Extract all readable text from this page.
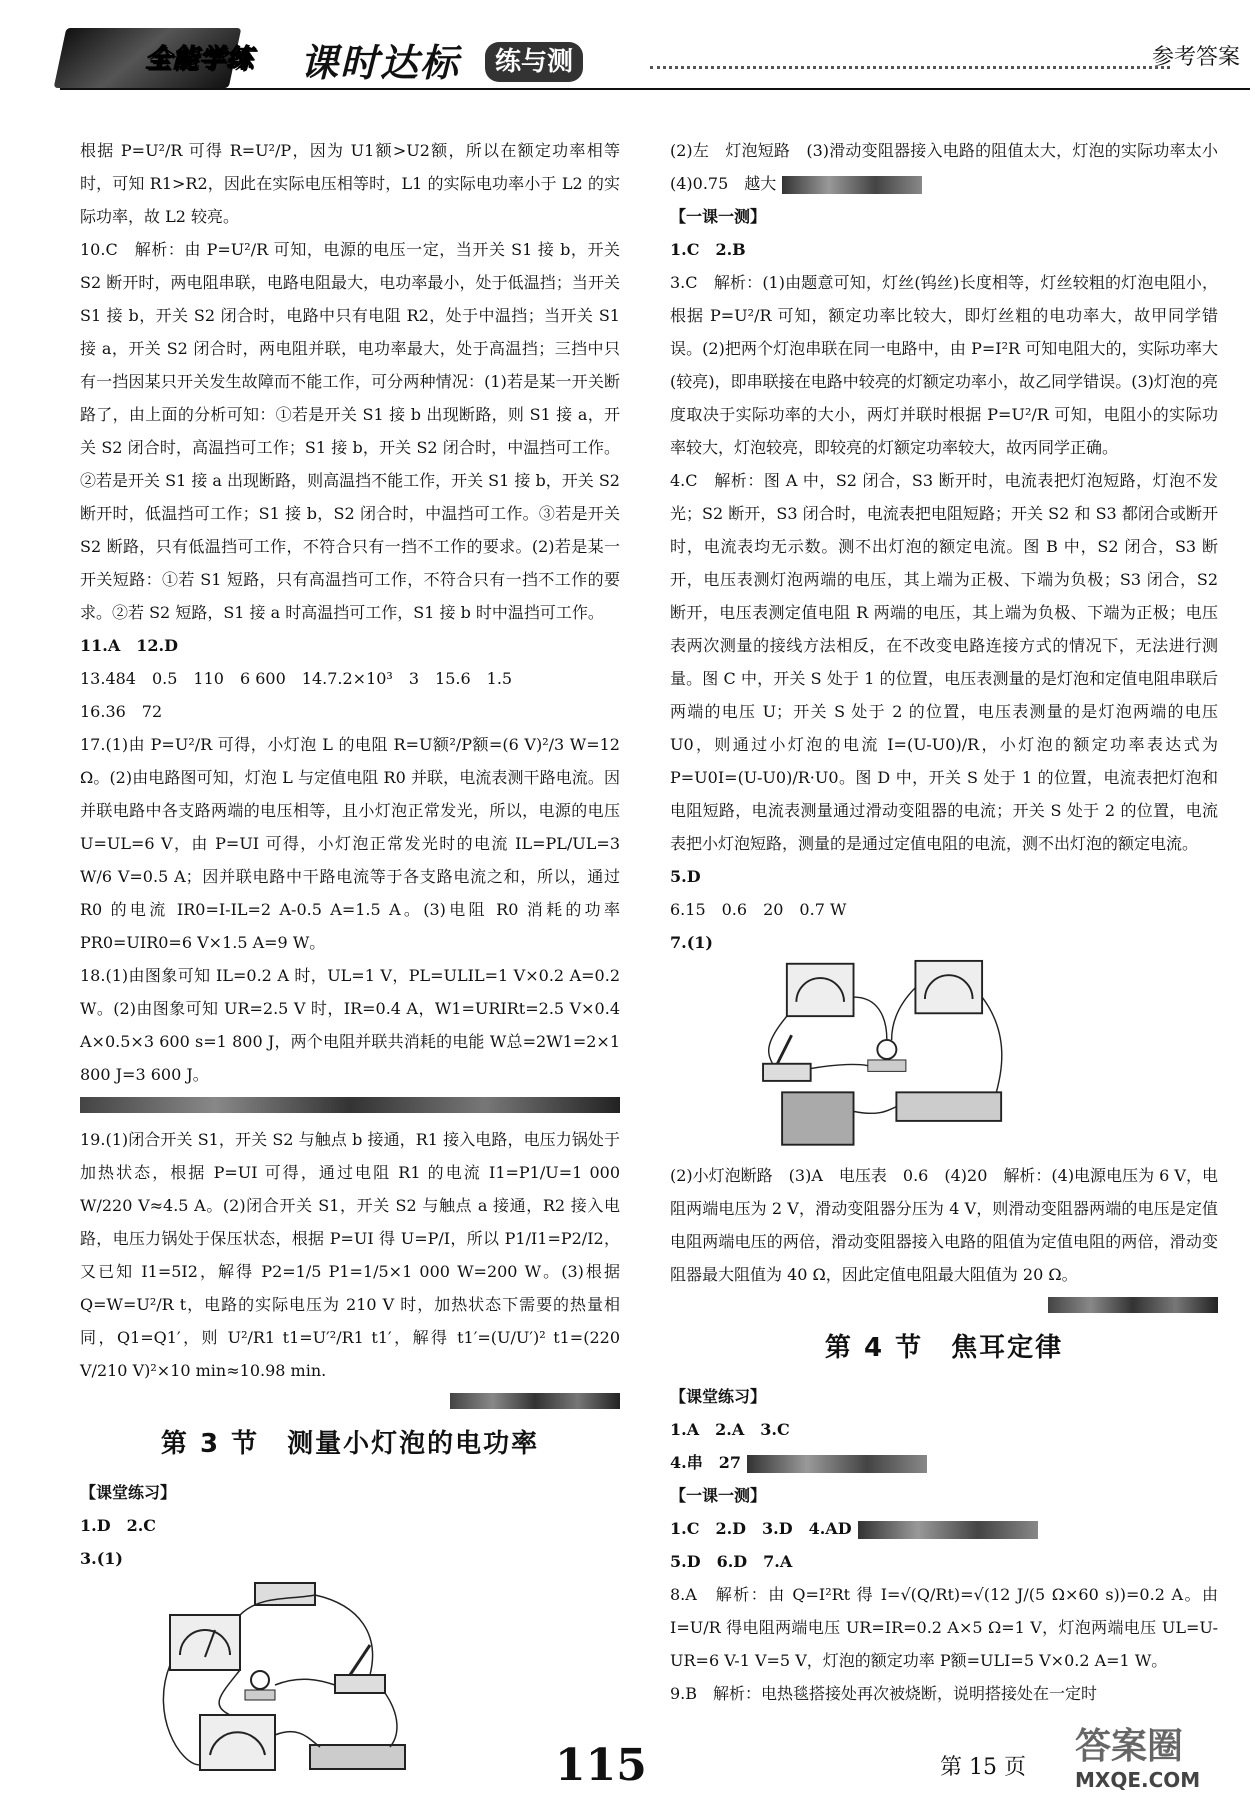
全能学练 课时达标	练与测	参考答案

根据 P=U²/R 可得 R=U²/P，因为 U1额>U2额，所以在额定功率相等时，可知 R1>R2，因此在实际电压相等时，L1 的实际电功率小于 L2 的实际功率，故 L2 较亮。

10.C　解析：由 P=U²/R 可知，电源的电压一定，当开关 S1 接 b，开关 S2 断开时，两电阻串联，电路电阻最大，电功率最小，处于低温挡；当开关 S1 接 b，开关 S2 闭合时，电路中只有电阻 R2，处于中温挡；当开关 S1 接 a，开关 S2 闭合时，两电阻并联，电功率最大，处于高温挡；三挡中只有一挡因某只开关发生故障而不能工作，可分两种情况：(1)若是某一开关断路了，由上面的分析可知：①若是开关 S1 接 b 出现断路，则 S1 接 a，开关 S2 闭合时，高温挡可工作；S1 接 b，开关 S2 闭合时，中温挡可工作。②若是开关 S1 接 a 出现断路，则高温挡不能工作，开关 S1 接 b，开关 S2 断开时，低温挡可工作；S1 接 b，S2 闭合时，中温挡可工作。③若是开关 S2 断路，只有低温挡可工作，不符合只有一挡不工作的要求。(2)若是某一开关短路：①若 S1 短路，只有高温挡可工作，不符合只有一挡不工作的要求。②若 S2 短路，S1 接 a 时高温挡可工作，S1 接 b 时中温挡可工作。

11.A　12.D

13.484　0.5　110　6 600　14.7.2×10³　3　15.6　1.5

16.36　72

17.(1)由 P=U²/R 可得，小灯泡 L 的电阻 R=U额²/P额=(6 V)²/3 W=12 Ω。(2)由电路图可知，灯泡 L 与定值电阻 R0 并联，电流表测干路电流。因并联电路中各支路两端的电压相等，且小灯泡正常发光，所以，电源的电压 U=UL=6 V，由 P=UI 可得，小灯泡正常发光时的电流 IL=PL/UL=3 W/6 V=0.5 A；因并联电路中干路电流等于各支路电流之和，所以，通过 R0 的电流 IR0=I-IL=2 A-0.5 A=1.5 A。(3)电阻 R0 消耗的功率 PR0=UIR0=6 V×1.5 A=9 W。

18.(1)由图象可知 IL=0.2 A 时，UL=1 V，PL=ULIL=1 V×0.2 A=0.2 W。(2)由图象可知 UR=2.5 V 时，IR=0.4 A，W1=URIRt=2.5 V×0.4 A×0.5×3 600 s=1 800 J，两个电阻并联共消耗的电能 W总=2W1=2×1 800 J=3 600 J。

19.(1)闭合开关 S1，开关 S2 与触点 b 接通，R1 接入电路，电压力锅处于加热状态，根据 P=UI 可得，通过电阻 R1 的电流 I1=P1/U=1 000 W/220 V≈4.5 A。(2)闭合开关 S1，开关 S2 与触点 a 接通，R2 接入电路，电压力锅处于保压状态，根据 P=UI 得 U=P/I，所以 P1/I1=P2/I2，又已知 I1=5I2，解得 P2=1/5 P1=1/5×1 000 W=200 W。(3)根据 Q=W=U²/R t，电路的实际电压为 210 V 时，加热状态下需要的热量相同，Q1=Q1′，则 U²/R1 t1=U′²/R1 t1′，解得 t1′=(U/U′)² t1=(220 V/210 V)²×10 min≈10.98 min.

第 3 节　测量小灯泡的电功率

【课堂练习】

1.D　2.C

3.(1)

(2)左　灯泡短路　(3)滑动变阻器接入电路的阻值太大，灯泡的实际功率太小　(4)0.75　越大

【一课一测】

1.C　2.B

3.C　解析：(1)由题意可知，灯丝(钨丝)长度相等，灯丝较粗的灯泡电阻小，根据 P=U²/R 可知，额定功率比较大，即灯丝粗的电功率大，故甲同学错误。(2)把两个灯泡串联在同一电路中，由 P=I²R 可知电阻大的，实际功率大(较亮)，即串联接在电路中较亮的灯额定功率小，故乙同学错误。(3)灯泡的亮度取决于实际功率的大小，两灯并联时根据 P=U²/R 可知，电阻小的实际功率较大，灯泡较亮，即较亮的灯额定功率较大，故丙同学正确。

4.C　解析：图 A 中，S2 闭合，S3 断开时，电流表把灯泡短路，灯泡不发光；S2 断开，S3 闭合时，电流表把电阻短路；开关 S2 和 S3 都闭合或断开时，电流表均无示数。测不出灯泡的额定电流。图 B 中，S2 闭合，S3 断开，电压表测灯泡两端的电压，其上端为正极、下端为负极；S3 闭合，S2 断开，电压表测定值电阻 R 两端的电压，其上端为负极、下端为正极；电压表两次测量的接线方法相反，在不改变电路连接方式的情况下，无法进行测量。图 C 中，开关 S 处于 1 的位置，电压表测量的是灯泡和定值电阻串联后两端的电压 U；开关 S 处于 2 的位置，电压表测量的是灯泡两端的电压 U0，则通过小灯泡的电流 I=(U-U0)/R，小灯泡的额定功率表达式为 P=U0I=(U-U0)/R·U0。图 D 中，开关 S 处于 1 的位置，电流表把灯泡和电阻短路，电流表测量通过滑动变阻器的电流；开关 S 处于 2 的位置，电流表把小灯泡短路，测量的是通过定值电阻的电流，测不出灯泡的额定电流。

5.D

6.15　0.6　20　0.7 W

7.(1)

(2)小灯泡断路　(3)A　电压表　0.6　(4)20　解析：(4)电源电压为 6 V，电阻两端电压为 2 V，滑动变阻器分压为 4 V，则滑动变阻器两端的电压是定值电阻两端电压的两倍，滑动变阻器接入电路的阻值为定值电阻的两倍，滑动变阻器最大阻值为 40 Ω，因此定值电阻最大阻值为 20 Ω。

第 4 节　焦耳定律

【课堂练习】

1.A　2.A　3.C

4.串　27

【一课一测】

1.C　2.D　3.D　4.AD

5.D　6.D　7.A

8.A　解析：由 Q=I²Rt 得 I=√(Q/Rt)=√(12 J/(5 Ω×60 s))=0.2 A。由 I=U/R 得电阻两端电压 UR=IR=0.2 A×5 Ω=1 V，灯泡两端电压 UL=U-UR=6 V-1 V=5 V，灯泡的额定功率 P额=ULI=5 V×0.2 A=1 W。

9.B　解析：电热毯搭接处再次被烧断，说明搭接处在一定时

115	第 15 页
答案圈
MXQE.COM
